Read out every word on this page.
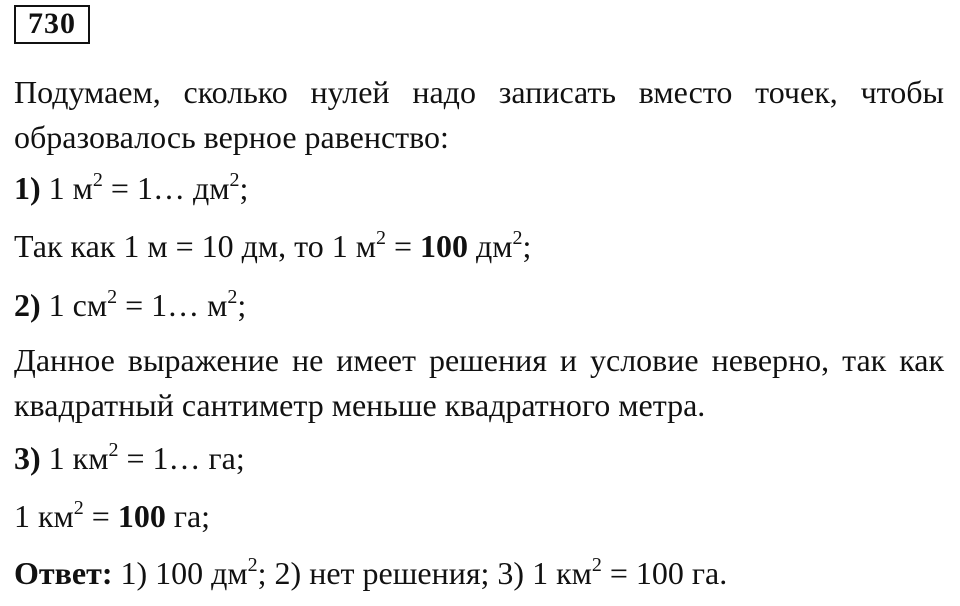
730
Подумаем, сколько нулей надо записать вместо точек, чтобы образовалось верное равенство:
1) 1 $м^2$ = 1… $дм^2$;
Так как 1 м = 10 дм, то 1 $м^2 = 100$ $дм^2$;
2) 1 $см^2$ = 1… $м^2$;
Данное выражение не имеет решения и условие неверно, так как квадратный сантиметр меньше квадратного метра.
3) 1 $км^2$ = 1… га;
1 $км^2 = 100$ га;
Ответ: 1) 100 $дм^2$; 2) нет решения; 3) 1 $км^2 = 100$ га.
